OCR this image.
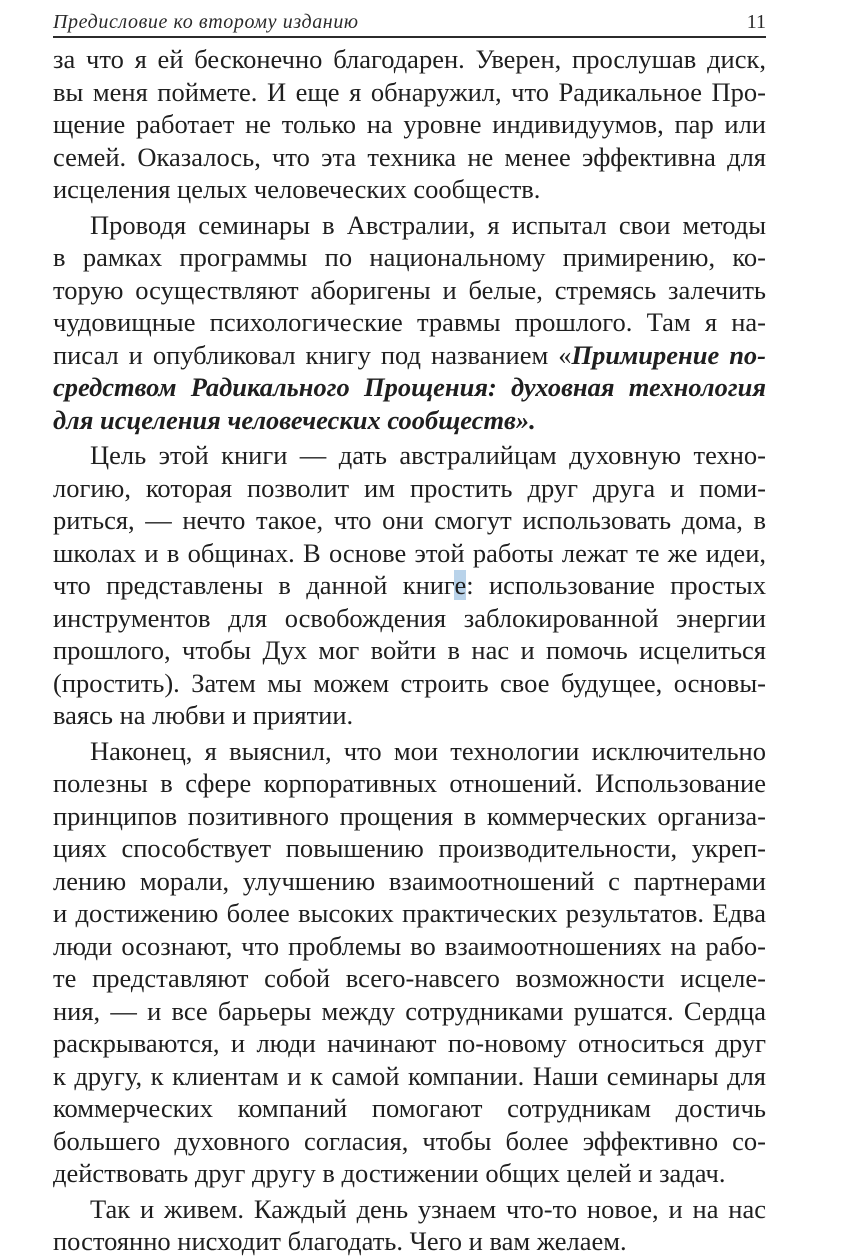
Предисловие ко второму изданию	11
за что я ей бесконечно благодарен. Уверен, прослушав диск,
вы меня поймете. И еще я обнаружил, что Радикальное Про-
щение работает не только на уровне индивидуумов, пар или
семей. Оказалось, что эта техника не менее эффективна для
исцеления целых человеческих сообществ.
Проводя семинары в Австралии, я испытал свои методы
в рамках программы по национальному примирению, ко-
торую осуществляют аборигены и белые, стремясь залечить
чудовищные психологические травмы прошлого. Там я на-
писал и опубликовал книгу под названием «Примирение по-
средством Радикального Прощения: духовная технология
для исцеления человеческих сообществ».
Цель этой книги — дать австралийцам духовную техно-
логию, которая позволит им простить друг друга и поми-
риться, — нечто такое, что они смогут использовать дома, в
школах и в общинах. В основе этой работы лежат те же идеи,
что представлены в данной книге: использование простых
инструментов для освобождения заблокированной энергии
прошлого, чтобы Дух мог войти в нас и помочь исцелиться
(простить). Затем мы можем строить свое будущее, основы-
ваясь на любви и приятии.
Наконец, я выяснил, что мои технологии исключительно
полезны в сфере корпоративных отношений. Использование
принципов позитивного прощения в коммерческих организа-
циях способствует повышению производительности, укреп-
лению морали, улучшению взаимоотношений с партнерами
и достижению более высоких практических результатов. Едва
люди осознают, что проблемы во взаимоотношениях на рабо-
те представляют собой всего-навсего возможности исцеле-
ния, — и все барьеры между сотрудниками рушатся. Сердца
раскрываются, и люди начинают по-новому относиться друг
к другу, к клиентам и к самой компании. Наши семинары для
коммерческих компаний помогают сотрудникам достичь
большего духовного согласия, чтобы более эффективно со-
действовать друг другу в достижении общих целей и задач.
Так и живем. Каждый день узнаем что-то новое, и на нас
постоянно нисходит благодать. Чего и вам желаем.
